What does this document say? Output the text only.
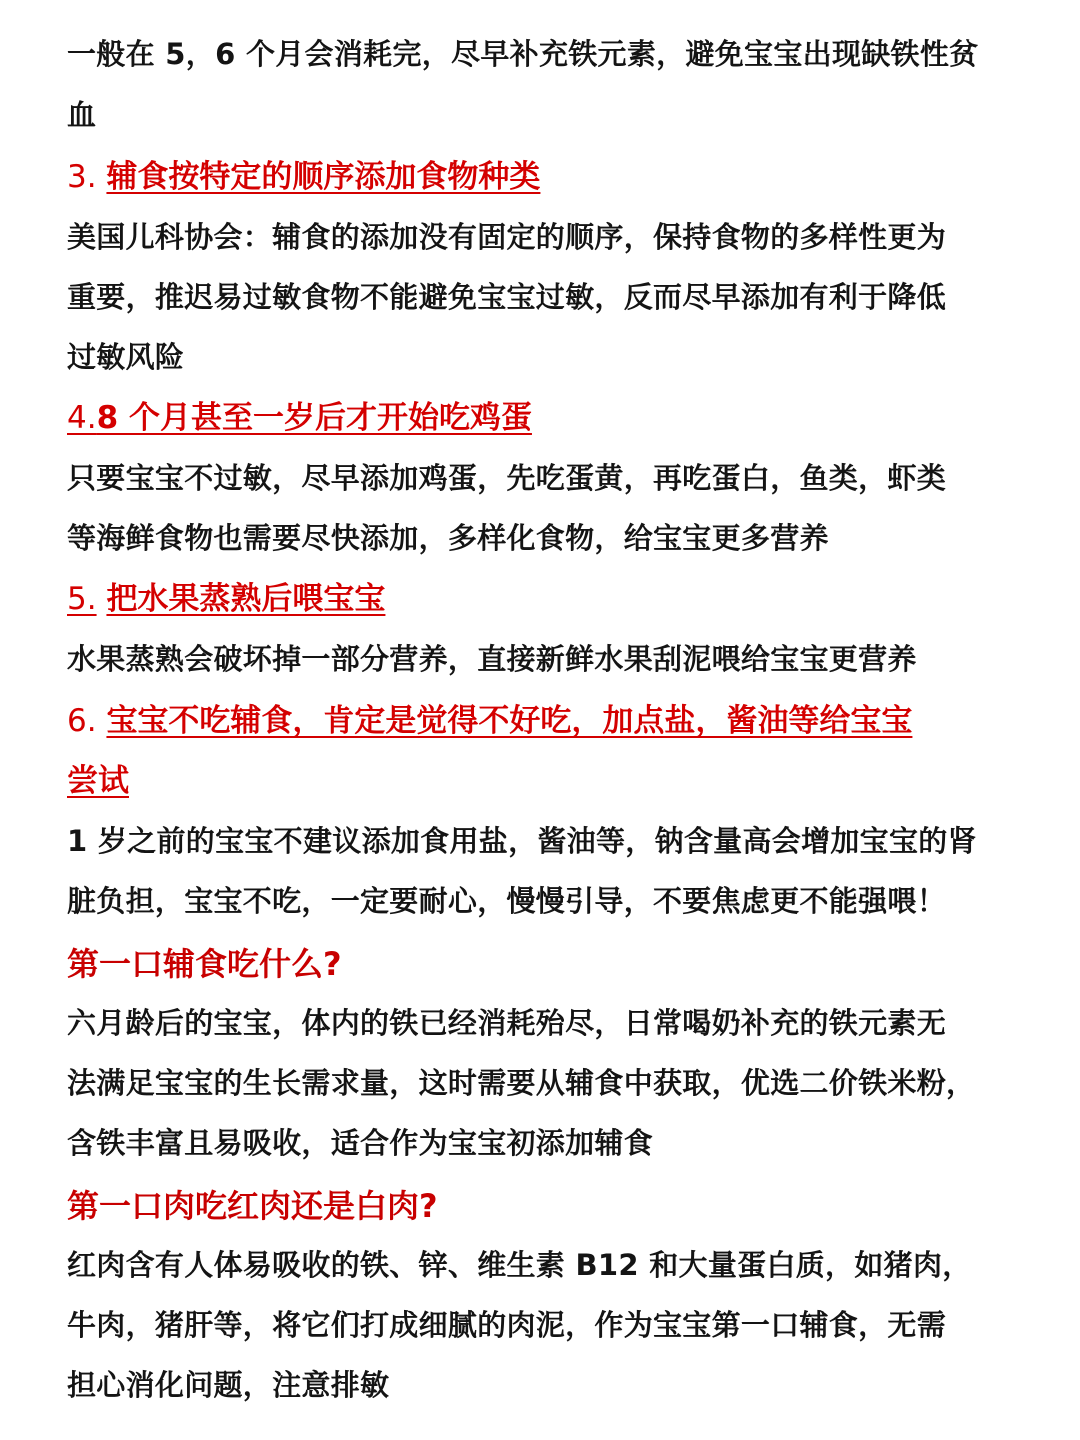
一般在 5，6 个月会消耗完，尽早补充铁元素，避免宝宝出现缺铁性贫
血
3. 辅食按特定的顺序添加食物种类
美国儿科协会：辅食的添加没有固定的顺序，保持食物的多样性更为
重要，推迟易过敏食物不能避免宝宝过敏，反而尽早添加有利于降低
过敏风险
4.8 个月甚至一岁后才开始吃鸡蛋
只要宝宝不过敏，尽早添加鸡蛋，先吃蛋黄，再吃蛋白，鱼类，虾类
等海鲜食物也需要尽快添加，多样化食物，给宝宝更多营养
5. 把水果蒸熟后喂宝宝
水果蒸熟会破坏掉一部分营养，直接新鲜水果刮泥喂给宝宝更营养
6. 宝宝不吃辅食，肯定是觉得不好吃，加点盐，酱油等给宝宝
尝试
1 岁之前的宝宝不建议添加食用盐，酱油等，钠含量高会增加宝宝的肾
脏负担，宝宝不吃，一定要耐心，慢慢引导，不要焦虑更不能强喂！
第一口辅食吃什么?
六月龄后的宝宝，体内的铁已经消耗殆尽，日常喝奶补充的铁元素无
法满足宝宝的生长需求量，这时需要从辅食中获取，优选二价铁米粉，
含铁丰富且易吸收，适合作为宝宝初添加辅食
第一口肉吃红肉还是白肉?
红肉含有人体易吸收的铁、锌、维生素 B12 和大量蛋白质，如猪肉，
牛肉，猪肝等，将它们打成细腻的肉泥，作为宝宝第一口辅食，无需
担心消化问题，注意排敏
